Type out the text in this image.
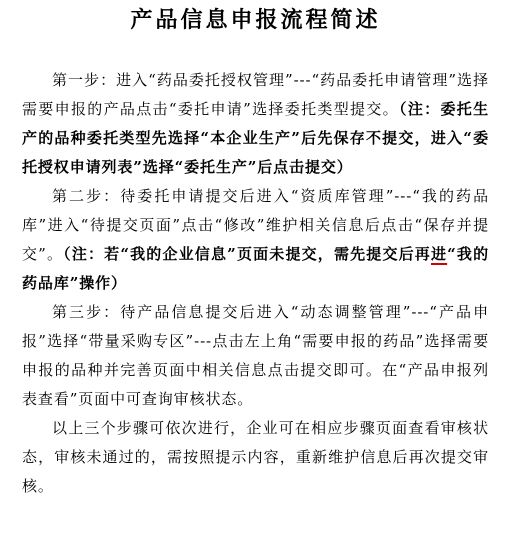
产品信息申报流程简述

第一步：进入“药品委托授权管理”---“药品委托申请管理”选择需要申报的产品点击“委托申请”选择委托类型提交。（注：委托生产的品种委托类型先选择“本企业生产”后先保存不提交，进入“委托授权申请列表”选择“委托生产”后点击提交）

第二步：待委托申请提交后进入“资质库管理”---“我的药品库”进入“待提交页面”点击“修改”维护相关信息后点击“保存并提交”。（注：若“我的企业信息”页面未提交，需先提交后再进“我的药品库”操作）

第三步：待产品信息提交后进入“动态调整管理”---“产品申报”选择“带量采购专区”---点击左上角“需要申报的药品”选择需要申报的品种并完善页面中相关信息点击提交即可。在“产品申报列表查看”页面中可查询审核状态。

以上三个步骤可依次进行，企业可在相应步骤页面查看审核状态，审核未通过的，需按照提示内容，重新维护信息后再次提交审核。
